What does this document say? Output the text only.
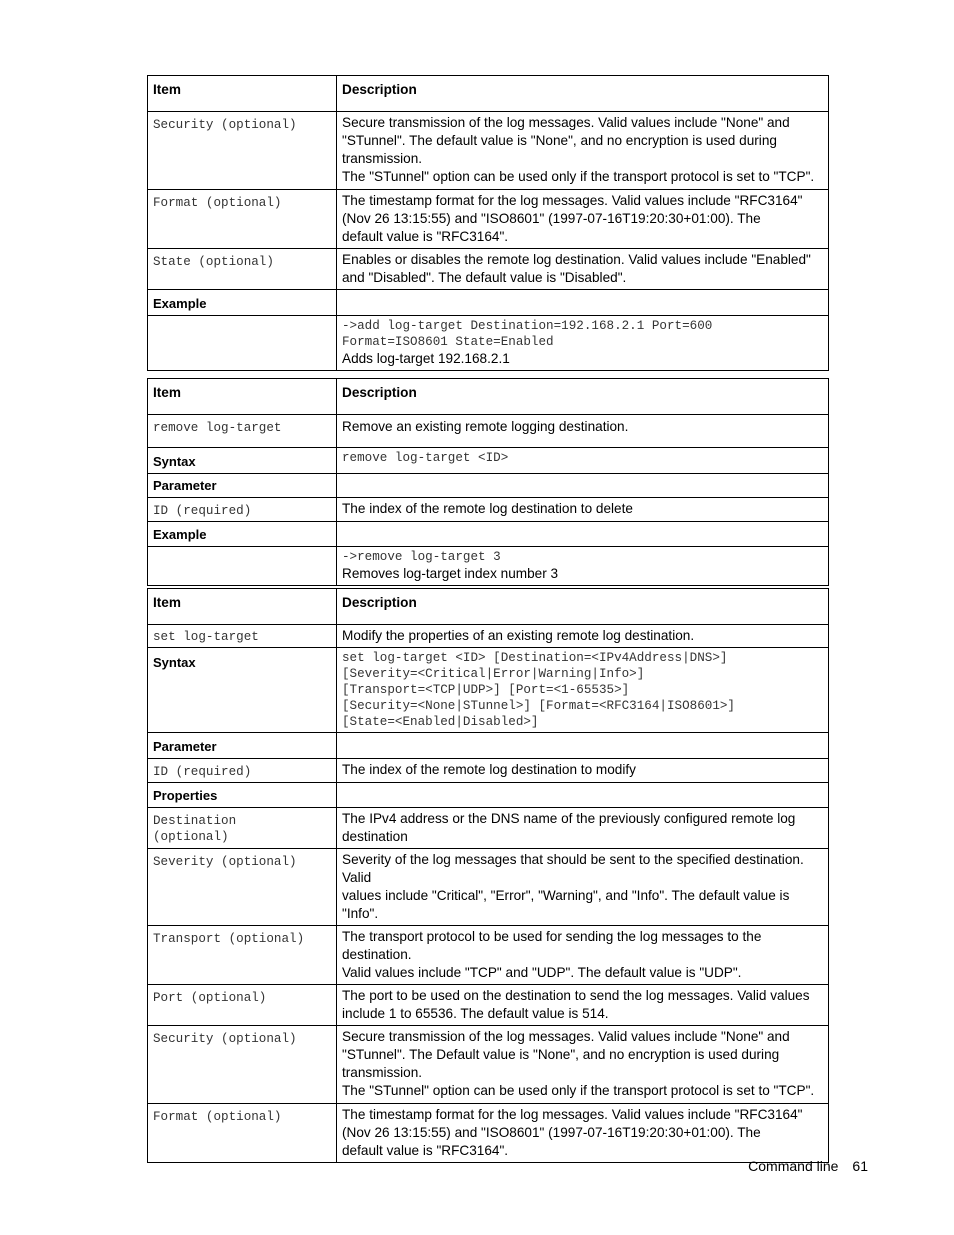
Item	Description
Security (optional)	Secure transmission of the log messages. Valid values include "None" and
"STunnel". The default value is "None", and no encryption is used during
transmission.
The "STunnel" option can be used only if the transport protocol is set to "TCP".

Format (optional)	The timestamp format for the log messages. Valid values include "RFC3164"
(Nov 26 13:15:55) and "ISO8601" (1997-07-16T19:20:30+01:00). The
default value is "RFC3164".

State (optional)	Enables or disables the remote log destination. Valid values include "Enabled"
and "Disabled". The default value is "Disabled".

Example	

	->add log-target Destination=192.168.2.1 Port=600
Format=ISO8601 State=Enabled
Adds log-target 192.168.2.1
Item	Description
remove log-target	Remove an existing remote logging destination.
Syntax	remove log-target <ID>
Parameter	
ID (required)	The index of the remote log destination to delete
Example	

	->remove log-target 3
Removes log-target index number 3
Item	Description
set log-target	Modify the properties of an existing remote log destination.
Syntax	set log-target <ID> [Destination=<IPv4Address|DNS>]
[Severity=<Critical|Error|Warning|Info>]
[Transport=<TCP|UDP>] [Port=<1-65535>]
[Security=<None|STunnel>] [Format=<RFC3164|ISO8601>]
[State=<Enabled|Disabled>]

Parameter	
ID (required)	The index of the remote log destination to modify
Properties	

Destination
(optional)	The IPv4 address or the DNS name of the previously configured remote log
destination

Severity (optional)	Severity of the log messages that should be sent to the specified destination. Valid
values include "Critical", "Error", "Warning", and "Info". The default value is
"Info".

Transport (optional)	The transport protocol to be used for sending the log messages to the destination.
Valid values include "TCP" and "UDP". The default value is "UDP".

Port (optional)	The port to be used on the destination to send the log messages. Valid values
include 1 to 65536. The default value is 514.

Security (optional)	Secure transmission of the log messages. Valid values include "None" and
"STunnel". The Default value is "None", and no encryption is used during
transmission.
The "STunnel" option can be used only if the transport protocol is set to "TCP".

Format (optional)	The timestamp format for the log messages. Valid values include "RFC3164"
(Nov 26 13:15:55) and "ISO8601" (1997-07-16T19:20:30+01:00). The
default value is "RFC3164".
Command line 61
